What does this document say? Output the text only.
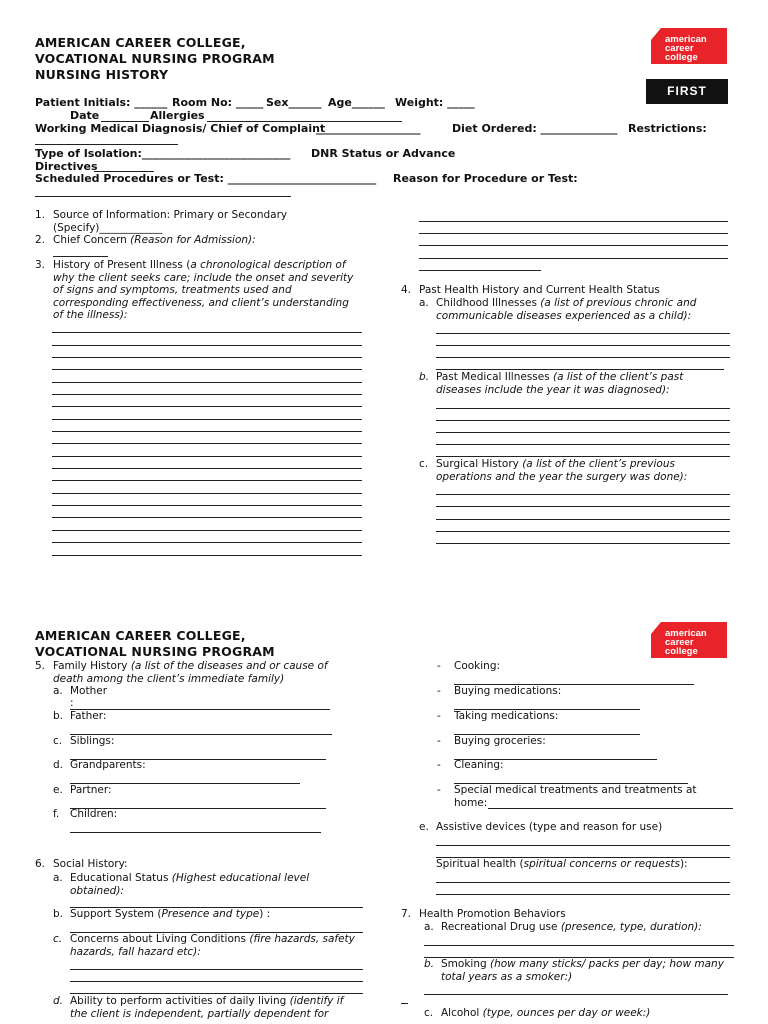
AMERICAN CAREER COLLEGE,
VOCATIONAL NURSING PROGRAM
NURSING HISTORY
american
career
college
FIRST
Patient Initials: ______ Room No: _____ Sex______ Age______ Weight: _____
Date	Allergies
Working Medical Diagnosis/ Chief of Complaint
___________________	Diet Ordered: ______________ Restrictions:
Type of Isolation:___________________________ DNR Status or Advance
Directives
Scheduled Procedures or Test: ___________________________ Reason for Procedure or Test:
1. Source of Information: Primary or Secondary
(Specify)____________
2. Chief Concern (Reason for Admission):
3. History of Present Illness (a chronological description of
why the client seeks care; include the onset and severity
of signs and symptoms, treatments used and
corresponding effectiveness, and client’s understanding
of the illness):
4. Past Health History and Current Health Status
a. Childhood Illnesses (a list of previous chronic and
communicable diseases experienced as a child):
b. Past Medical Illnesses (a list of the client’s past
diseases include the year it was diagnosed):
c. Surgical History (a list of the client’s previous
operations and the year the surgery was done):
AMERICAN CAREER COLLEGE,
VOCATIONAL NURSING PROGRAM
american
career
college
5. Family History (a list of the diseases and or cause of
death among the client’s immediate family)
a. Mother
:
b. Father:
c. Siblings:
d. Grandparents:
e. Partner:
f. Children:
6. Social History:
a. Educational Status (Highest educational level
obtained):
b. Support System (Presence and type) :
c. Concerns about Living Conditions (fire hazards, safety
hazards, fall hazard etc):
d. Ability to perform activities of daily living (identify if
the client is independent, partially dependent for
- Cooking:
- Buying medications:
- Taking medications:
- Buying groceries:
- Cleaning:
- Special medical treatments and treatments at
home:
e. Assistive devices (type and reason for use)
Spiritual health (spiritual concerns or requests):
7. Health Promotion Behaviors
a. Recreational Drug use (presence, type, duration):
b. Smoking (how many sticks/ packs per day; how many
total years as a smoker:)
c. Alcohol (type, ounces per day or week:)
